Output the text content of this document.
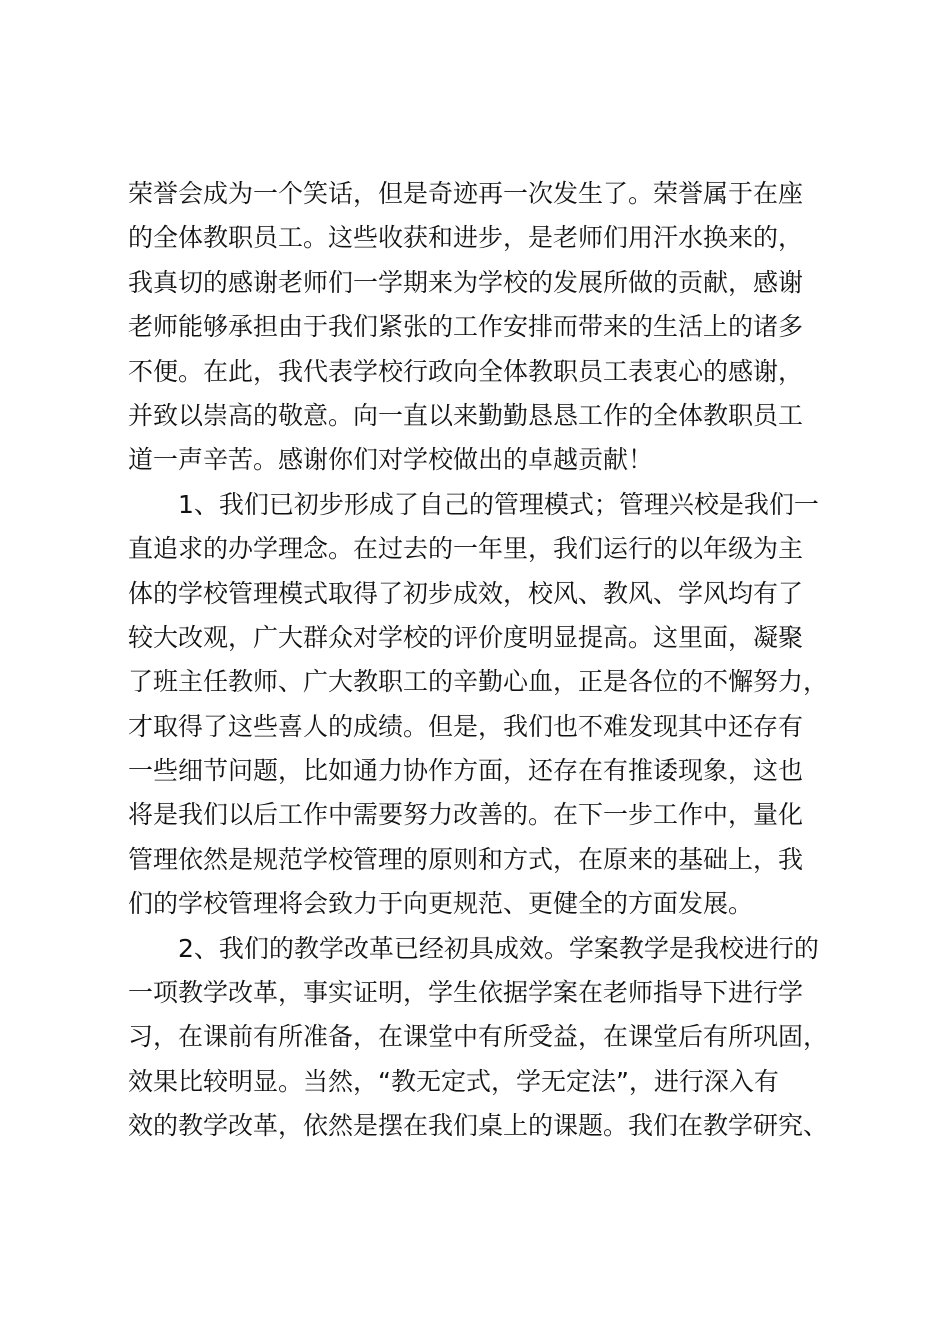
荣誉会成为一个笑话，但是奇迹再一次发生了。荣誉属于在座
的全体教职员工。这些收获和进步，是老师们用汗水换来的，
我真切的感谢老师们一学期来为学校的发展所做的贡献，感谢
老师能够承担由于我们紧张的工作安排而带来的生活上的诸多
不便。在此，我代表学校行政向全体教职员工表衷心的感谢，
并致以崇高的敬意。向一直以来勤勤恳恳工作的全体教职员工
道一声辛苦。感谢你们对学校做出的卓越贡献！
1、我们已初步形成了自己的管理模式；管理兴校是我们一
直追求的办学理念。在过去的一年里，我们运行的以年级为主
体的学校管理模式取得了初步成效，校风、教风、学风均有了
较大改观，广大群众对学校的评价度明显提高。这里面，凝聚
了班主任教师、广大教职工的辛勤心血，正是各位的不懈努力，
才取得了这些喜人的成绩。但是，我们也不难发现其中还存有
一些细节问题，比如通力协作方面，还存在有推诿现象，这也
将是我们以后工作中需要努力改善的。在下一步工作中，量化
管理依然是规范学校管理的原则和方式，在原来的基础上，我
们的学校管理将会致力于向更规范、更健全的方面发展。
2、我们的教学改革已经初具成效。学案教学是我校进行的
一项教学改革，事实证明，学生依据学案在老师指导下进行学
习，在课前有所准备，在课堂中有所受益，在课堂后有所巩固，
效果比较明显。当然，“教无定式，学无定法”，进行深入有
效的教学改革，依然是摆在我们桌上的课题。我们在教学研究、
